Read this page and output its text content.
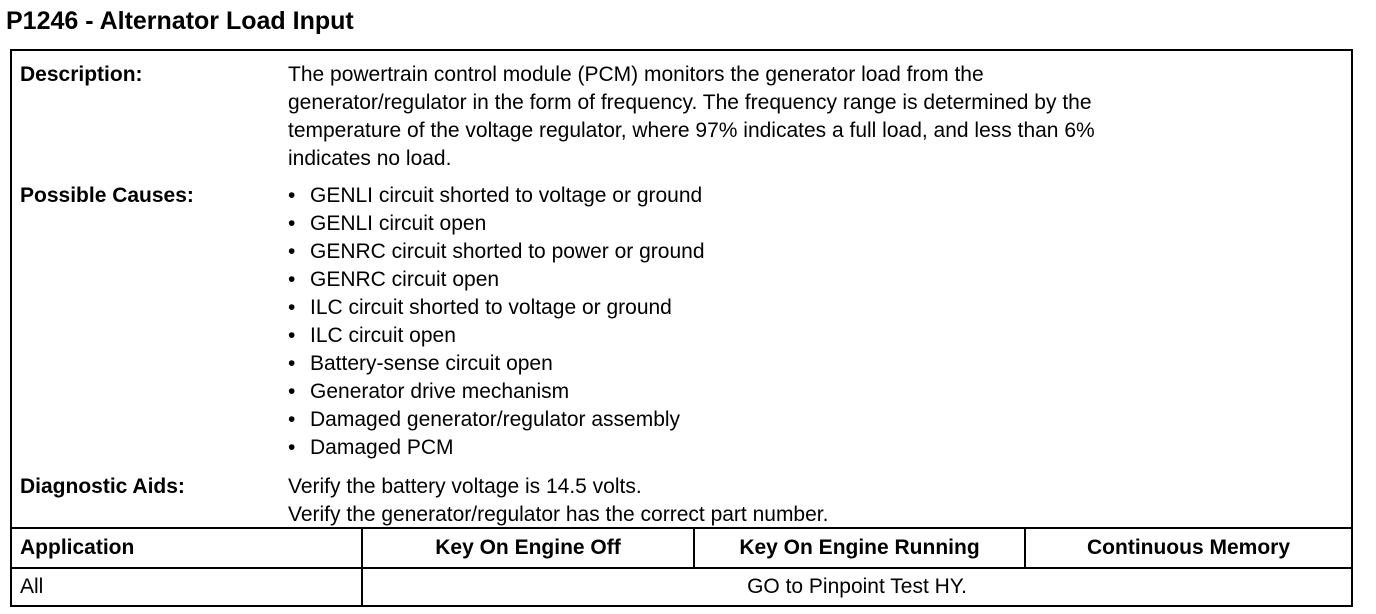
P1246 - Alternator Load Input
Description:	The powertrain control module (PCM) monitors the generator load from the
generator/regulator in the form of frequency. The frequency range is determined by the
temperature of the voltage regulator, where 97% indicates a full load, and less than 6%
indicates no load.
Possible Causes:
•	GENLI circuit shorted to voltage or ground
• GENLI circuit open
• GENRC circuit shorted to power or ground
• GENRC circuit open
• ILC circuit shorted to voltage or ground
• ILC circuit open
• Battery-sense circuit open
• Generator drive mechanism
• Damaged generator/regulator assembly
• Damaged PCM
Diagnostic Aids:	Verify the battery voltage is 14.5 volts.
Verify the generator/regulator has the correct part number.
Application	Key On Engine Off	Key On Engine Running	Continuous Memory
All	GO to Pinpoint Test HY.
